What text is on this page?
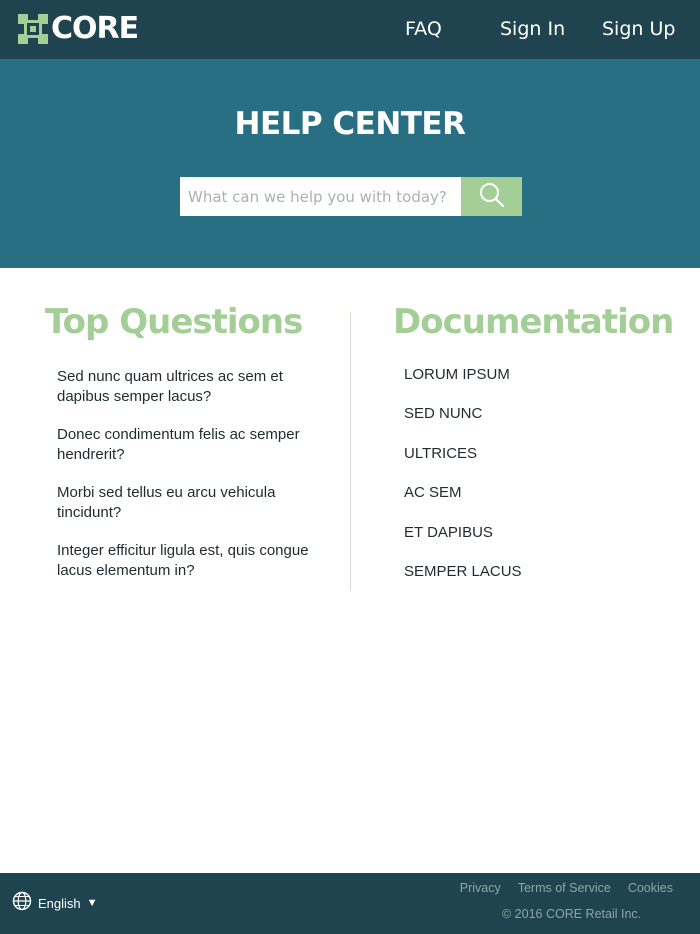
CORE	FAQ	Sign In Sign Up
HELP CENTER
What can we help you with today?
Top Questions	Documentation
Sed nunc quam ultrices ac sem et dapibus semper lacus?
Donec condimentum felis ac semper hendrerit?
Morbi sed tellus eu arcu vehicula tincidunt?
Integer efficitur ligula est, quis congue lacus elementum in?
LORUM IPSUM
SED NUNC
ULTRICES
AC SEM
ET DAPIBUS
SEMPER LACUS
English ▼
Privacy Terms of Service Cookies
© 2016 CORE Retail Inc.
